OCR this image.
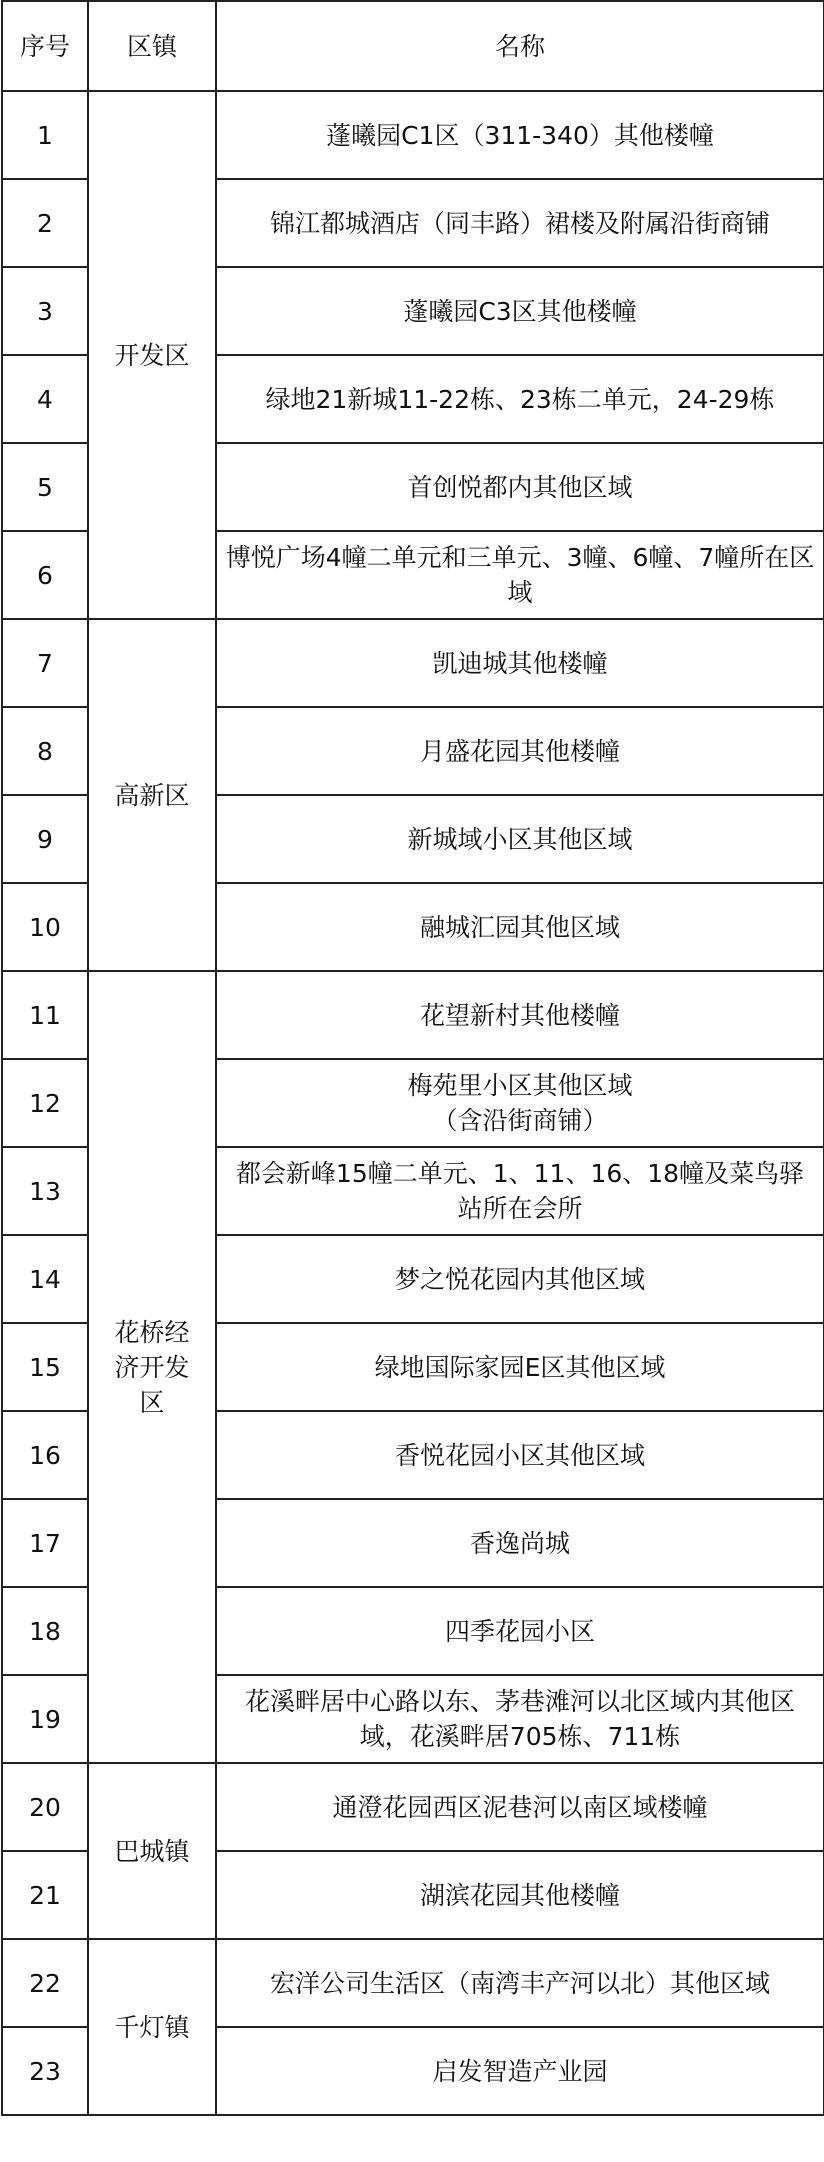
序号	区镇	名称
1	开发区	蓬曦园C1区（311-340）其他楼幢
2		锦江都城酒店（同丰路）裙楼及附属沿街商铺
3		蓬曦园C3区其他楼幢
4		绿地21新城11-22栋、23栋二单元，24-29栋
5		首创悦都内其他区域
6		博悦广场4幢二单元和三单元、3幢、6幢、7幢所在区域
7	高新区	凯迪城其他楼幢
8		月盛花园其他楼幢
9		新城域小区其他区域
10		融城汇园其他区域
11	花桥经济开发区	花望新村其他楼幢
12		梅苑里小区其他区域
（含沿街商铺）
13		都会新峰15幢二单元、1、11、16、18幢及菜鸟驿站所在会所
14		梦之悦花园内其他区域
15		绿地国际家园E区其他区域
16		香悦花园小区其他区域
17		香逸尚城
18		四季花园小区
19		花溪畔居中心路以东、茅巷滩河以北区域内其他区域，花溪畔居705栋、711栋
20	巴城镇	通澄花园西区泥巷河以南区域楼幢
21		湖滨花园其他楼幢
22	千灯镇	宏洋公司生活区（南湾丰产河以北）其他区域
23		启发智造产业园
